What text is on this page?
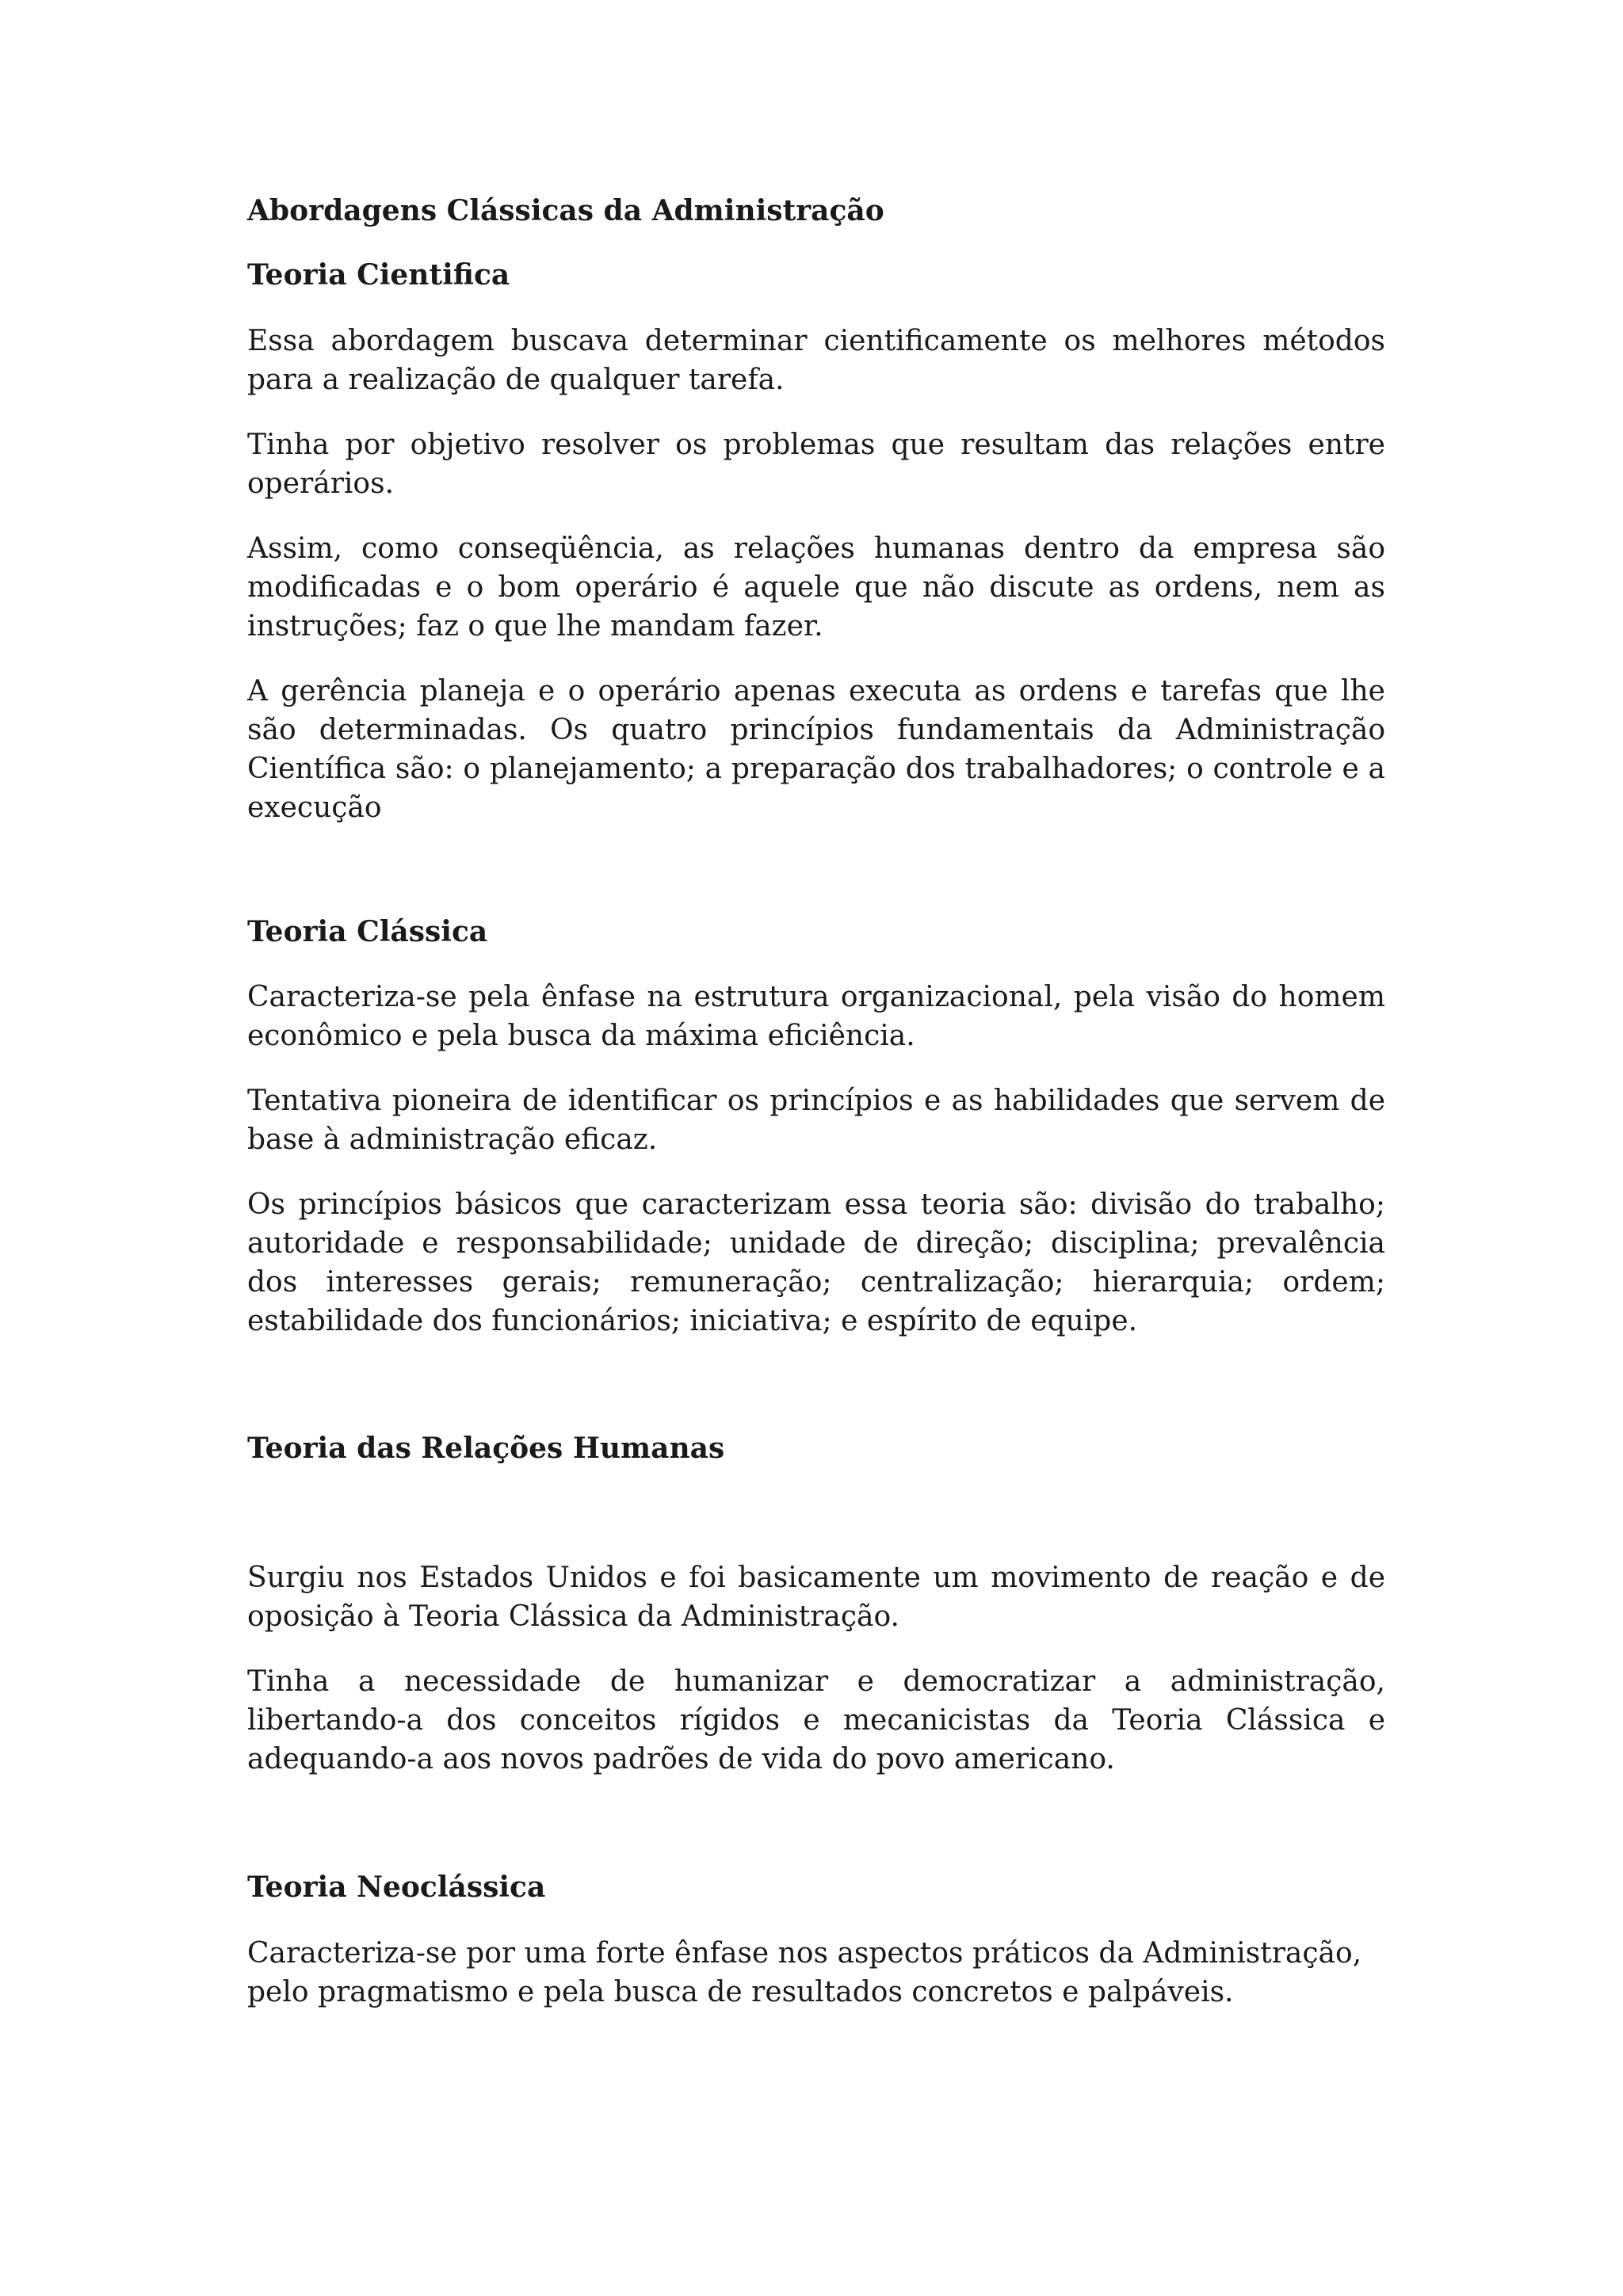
Abordagens Clássicas da Administração
Teoria Cientifica

Essa abordagem buscava determinar cientificamente os melhores métodos para a realização de qualquer tarefa.

Tinha por objetivo resolver os problemas que resultam das relações entre operários.

Assim, como conseqüência, as relações humanas dentro da empresa são modificadas e o bom operário é aquele que não discute as ordens, nem as instruções; faz o que lhe mandam fazer.

A gerência planeja e o operário apenas executa as ordens e tarefas que lhe são determinadas. Os quatro princípios fundamentais da Administração Científica são: o planejamento; a preparação dos trabalhadores; o controle e a execução

Teoria Clássica

Caracteriza-se pela ênfase na estrutura organizacional, pela visão do homem econômico e pela busca da máxima eficiência.

Tentativa pioneira de identificar os princípios e as habilidades que servem de base à administração eficaz.

Os princípios básicos que caracterizam essa teoria são: divisão do trabalho; autoridade e responsabilidade; unidade de direção; disciplina; prevalência dos interesses gerais; remuneração; centralização; hierarquia; ordem; estabilidade dos funcionários; iniciativa; e espírito de equipe.

Teoria das Relações Humanas

Surgiu nos Estados Unidos e foi basicamente um movimento de reação e de oposição à Teoria Clássica da Administração.

Tinha a necessidade de humanizar e democratizar a administração, libertando-a dos conceitos rígidos e mecanicistas da Teoria Clássica e adequando-a aos novos padrões de vida do povo americano.

Teoria Neoclássica

Caracteriza-se por uma forte ênfase nos aspectos práticos da Administração, pelo pragmatismo e pela busca de resultados concretos e palpáveis.
